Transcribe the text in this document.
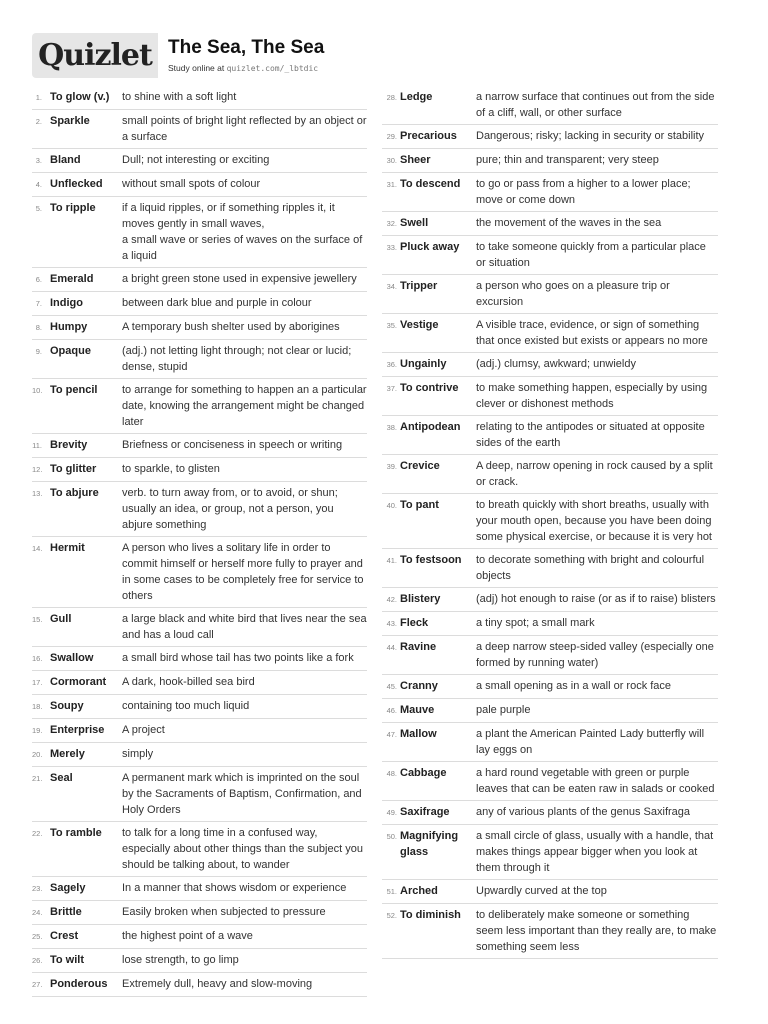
Quizlet The Sea, The Sea
Study online at quizlet.com/_lbtdic
1. To glow (v.)	to shine with a soft light
2. Sparkle	small points of bright light reflected by an object or a surface
3. Bland	Dull; not interesting or exciting
4. Unflecked	without small spots of colour
5. To ripple	if a liquid ripples, or if something ripples it, it moves gently in small waves,
a small wave or series of waves on the surface of a liquid
6. Emerald	a bright green stone used in expensive jewellery
7. Indigo	between dark blue and purple in colour
8. Humpy	A temporary bush shelter used by aborigines
9. Opaque	(adj.) not letting light through; not clear or lucid; dense, stupid
10. To pencil	to arrange for something to happen an a particular date, knowing the arrangement might be changed later
11. Brevity	Briefness or conciseness in speech or writing
12. To glitter	to sparkle, to glisten
13. To abjure	verb. to turn away from, or to avoid, or shun; usually an idea, or group, not a person, you abjure something
14. Hermit	A person who lives a solitary life in order to commit himself or herself more fully to prayer and in some cases to be completely free for service to others
15. Gull	a large black and white bird that lives near the sea and has a loud call
16. Swallow	a small bird whose tail has two points like a fork
17. Cormorant	A dark, hook-billed sea bird
18. Soupy	containing too much liquid
19. Enterprise	A project
20. Merely	simply
21. Seal	A permanent mark which is imprinted on the soul by the Sacraments of Baptism, Confirmation, and Holy Orders
22. To ramble	to talk for a long time in a confused way, especially about other things than the subject you should be talking about, to wander
23. Sagely	In a manner that shows wisdom or experience
24. Brittle	Easily broken when subjected to pressure
25. Crest	the highest point of a wave
26. To wilt	lose strength, to go limp
27. Ponderous	Extremely dull, heavy and slow-moving
28. Ledge	a narrow surface that continues out from the side of a cliff, wall, or other surface
29. Precarious	Dangerous; risky; lacking in security or stability
30. Sheer	pure; thin and transparent; very steep
31. To descend	to go or pass from a higher to a lower place; move or come down
32. Swell	the movement of the waves in the sea
33. Pluck away	to take someone quickly from a particular place or situation
34. Tripper	a person who goes on a pleasure trip or excursion
35. Vestige	A visible trace, evidence, or sign of something that once existed but exists or appears no more
36. Ungainly	(adj.) clumsy, awkward; unwieldy
37. To contrive	to make something happen, especially by using clever or dishonest methods
38. Antipodean	relating to the antipodes or situated at opposite sides of the earth
39. Crevice	A deep, narrow opening in rock caused by a split or crack.
40. To pant	to breath quickly with short breaths, usually with your mouth open, because you have been doing some physical exercise, or because it is very hot
41. To festsoon	to decorate something with bright and colourful objects
42. Blistery	(adj) hot enough to raise (or as if to raise) blisters
43. Fleck	a tiny spot; a small mark
44. Ravine	a deep narrow steep-sided valley (especially one formed by running water)
45. Cranny	a small opening as in a wall or rock face
46. Mauve	pale purple
47. Mallow	a plant the American Painted Lady butterfly will lay eggs on
48. Cabbage	a hard round vegetable with green or purple leaves that can be eaten raw in salads or cooked
49. Saxifrage	any of various plants of the genus Saxifraga
50. Magnifying glass
a small circle of glass, usually with a handle, that makes things appear bigger when you look at them through it
51. Arched	Upwardly curved at the top
52. To diminish	to deliberately make someone or something seem less important than they really are, to make something seem less
